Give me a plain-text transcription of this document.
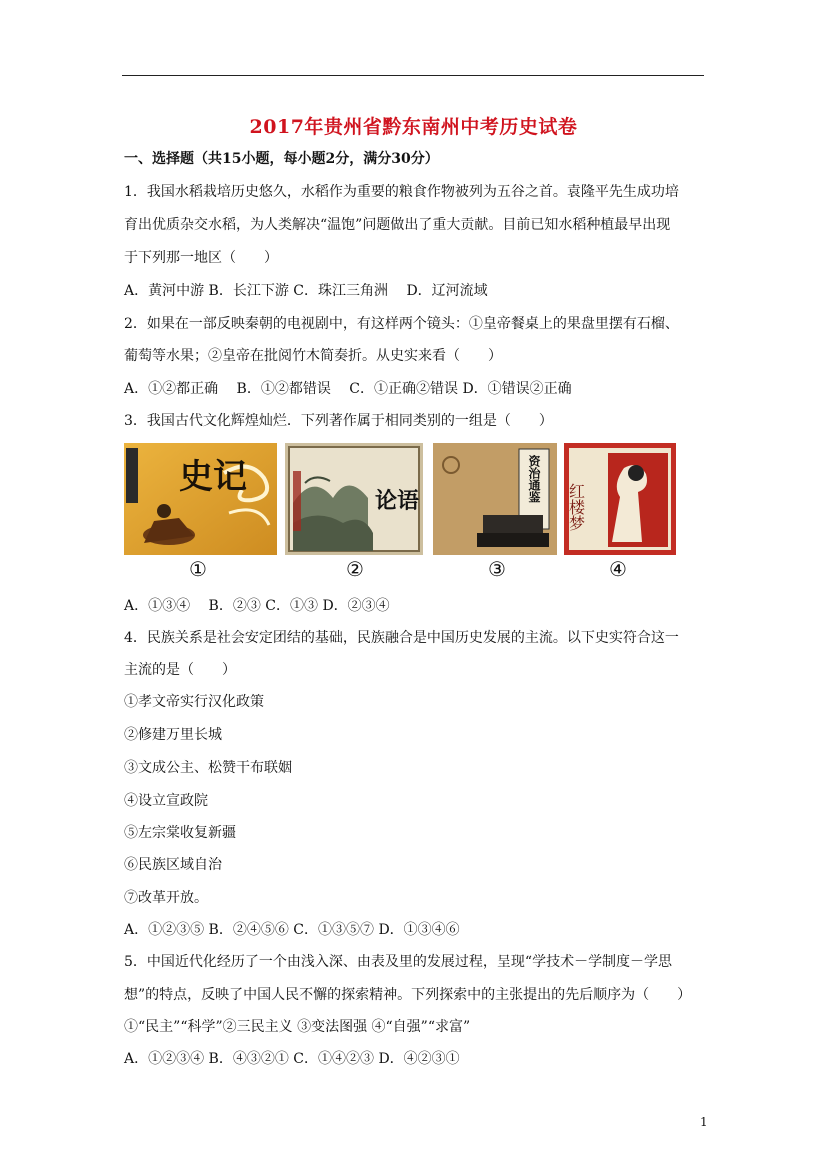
2017年贵州省黔东南州中考历史试卷
一、选择题（共15小题，每小题2分，满分30分）
1．我国水稻栽培历史悠久，水稻作为重要的粮食作物被列为五谷之首。袁隆平先生成功培
育出优质杂交水稻，为人类解决“温饱”问题做出了重大贡献。目前已知水稻种植最早出现
于下列那一地区（　　）
A．黄河中游 B．长江下游 C．珠江三角洲　 D．辽河流域
2．如果在一部反映秦朝的电视剧中，有这样两个镜头：①皇帝餐桌上的果盘里摆有石榴、
葡萄等水果；②皇帝在批阅竹木简奏折。从史实来看（　　）
A．①②都正确　 B．①②都错误　 C．①正确②错误 D．①错误②正确
3．我国古代文化辉煌灿烂．下列著作属于相同类别的一组是（　　）
史记
论语	资治通鉴
红楼梦
①	②	③	④
A．①③④　 B．②③ C．①③ D．②③④
4．民族关系是社会安定团结的基础，民族融合是中国历史发展的主流。以下史实符合这一
主流的是（　　）
①孝文帝实行汉化政策
②修建万里长城
③文成公主、松赞干布联姻
④设立宣政院
⑤左宗棠收复新疆
⑥民族区域自治
⑦改革开放。
A．①②③⑤ B．②④⑤⑥ C．①③⑤⑦ D．①③④⑥
5．中国近代化经历了一个由浅入深、由表及里的发展过程，呈现“学技术－学制度－学思
想”的特点，反映了中国人民不懈的探索精神。下列探索中的主张提出的先后顺序为（　　）
①“民主”“科学”②三民主义 ③变法图强 ④“自强”“求富”
A．①②③④ B．④③②① C．①④②③ D．④②③①
1
